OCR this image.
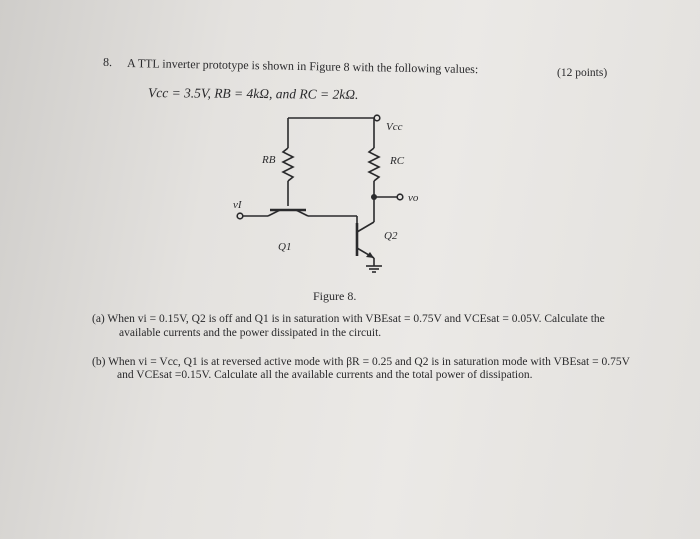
8. A TTL inverter prototype is shown in Figure 8 with the following values:	(12 points)
Vcc = 3.5V, RB = 4kΩ, and RC = 2kΩ.
Vcc
RB	RC
vo
vI
Q1
Q2
Figure 8.
(a) When vi = 0.15V, Q2 is off and Q1 is in saturation with VBEsat = 0.75V and VCEsat = 0.05V. Calculate the
available currents and the power dissipated in the circuit.
(b) When vi = Vcc, Q1 is at reversed active mode with βR = 0.25 and Q2 is in saturation mode with VBEsat = 0.75V
and VCEsat =0.15V. Calculate all the available currents and the total power of dissipation.
